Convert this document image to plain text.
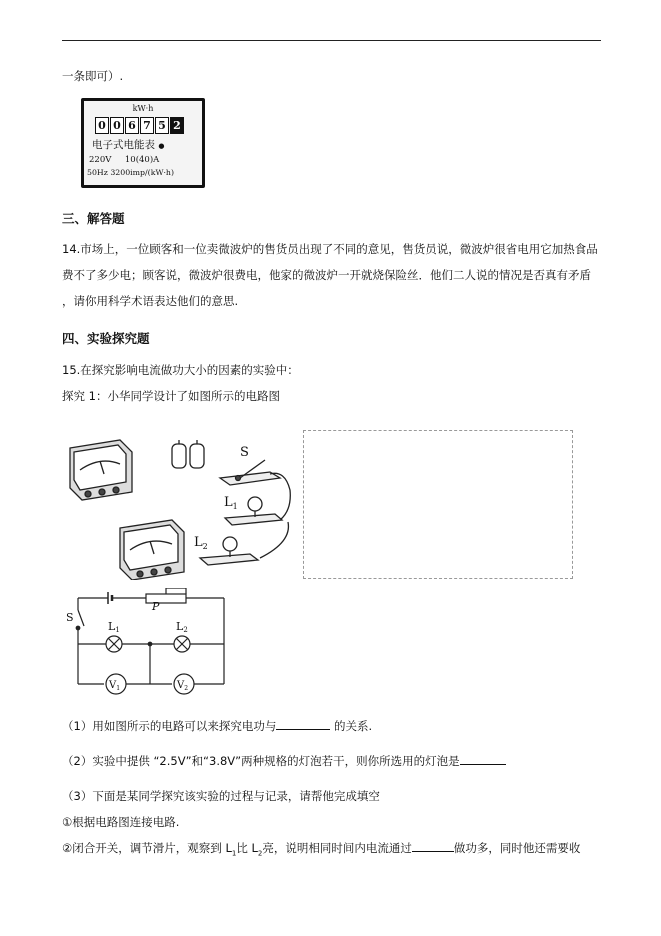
一条即可）.
kW·h
0 0 6 7 5 2
电子式电能表 ●
220V 10(40)A
50Hz 3200imp/(kW·h)
三、解答题
14.市场上，一位顾客和一位卖微波炉的售货员出现了不同的意见，售货员说，微波炉很省电用它加热食品
费不了多少电；顾客说，微波炉很费电，他家的微波炉一开就烧保险丝．他们二人说的情况是否真有矛盾
，请你用科学术语表达他们的意思.
四、实验探究题
15.在探究影响电流做功大小的因素的实验中：
探究 1：小华同学设计了如图所示的电路图
S
$L_1$
$L_2$
P
S
L1	L2
$V_1$	$V_2$
（1）用如图所示的电路可以来探究电功与	的关系.
（2）实验中提供 “2.5V”和“3.8V”两种规格的灯泡若干，则你所选用的灯泡是
（3）下面是某同学探究该实验的过程与记录，请帮他完成填空
①根据电路图连接电路.
②闭合开关，调节滑片，观察到 $L_1$比 $L_2$亮，说明相同时间内电流通过	做功多，同时他还需要收
